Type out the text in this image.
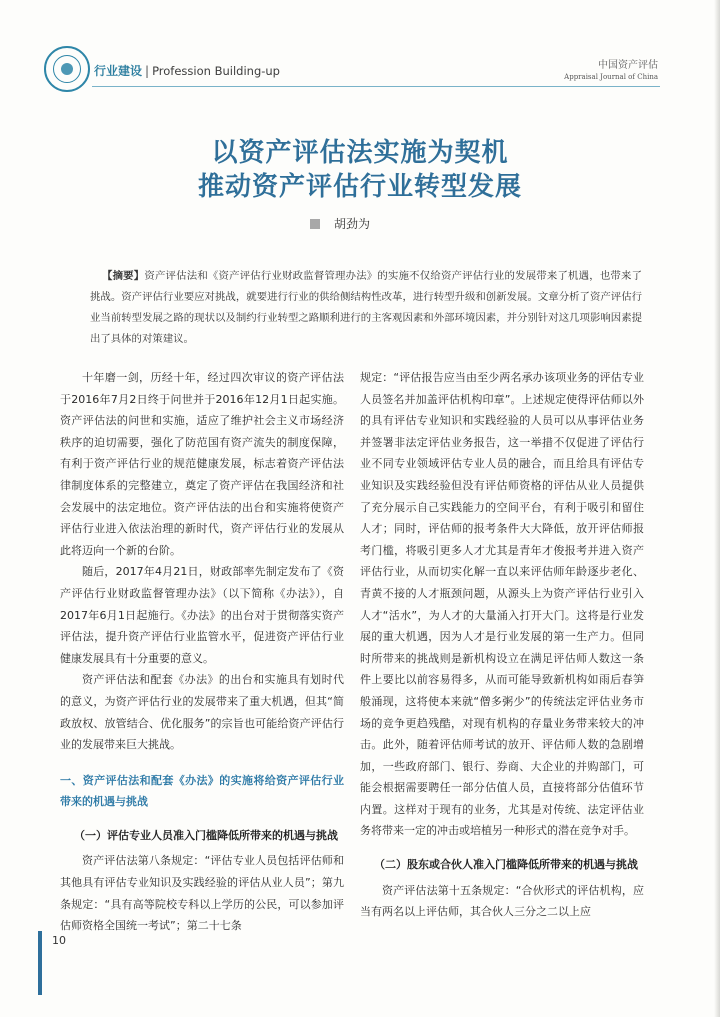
行业建设 | Profession Building-up	中国资产评估
Appraisal Journal of China
以资产评估法实施为契机
推动资产评估行业转型发展
胡劲为
【摘要】资产评估法和《资产评估行业财政监督管理办法》的实施不仅给资产评估行业的发展带来了机遇，也带来了挑战。资产评估行业要应对挑战，就要进行行业的供给侧结构性改革，进行转型升级和创新发展。文章分析了资产评估行业当前转型发展之路的现状以及制约行业转型之路顺利进行的主客观因素和外部环境因素，并分别针对这几项影响因素提出了具体的对策建议。

十年磨一剑，历经十年，经过四次审议的资产评估法于2016年7月2日终于问世并于2016年12月1日起实施。资产评估法的问世和实施，适应了维护社会主义市场经济秩序的迫切需要，强化了防范国有资产流失的制度保障，有利于资产评估行业的规范健康发展，标志着资产评估法律制度体系的完整建立，奠定了资产评估在我国经济和社会发展中的法定地位。资产评估法的出台和实施将使资产评估行业进入依法治理的新时代，资产评估行业的发展从此将迈向一个新的台阶。

随后，2017年4月21日，财政部率先制定发布了《资产评估行业财政监督管理办法》（以下简称《办法》），自2017年6月1日起施行。《办法》的出台对于贯彻落实资产评估法，提升资产评估行业监管水平，促进资产评估行业健康发展具有十分重要的意义。

资产评估法和配套《办法》的出台和实施具有划时代的意义，为资产评估行业的发展带来了重大机遇，但其“简政放权、放管结合、优化服务”的宗旨也可能给资产评估行业的发展带来巨大挑战。

一、资产评估法和配套《办法》的实施将给资产评估行业带来的机遇与挑战

（一）评估专业人员准入门槛降低所带来的机遇与挑战

资产评估法第八条规定：“评估专业人员包括评估师和其他具有评估专业知识及实践经验的评估从业人员”；第九条规定：“具有高等院校专科以上学历的公民，可以参加评估师资格全国统一考试”；第二十七条

规定：“评估报告应当由至少两名承办该项业务的评估专业人员签名并加盖评估机构印章”。上述规定使得评估师以外的具有评估专业知识和实践经验的人员可以从事评估业务并签署非法定评估业务报告，这一举措不仅促进了评估行业不同专业领域评估专业人员的融合，而且给具有评估专业知识及实践经验但没有评估师资格的评估从业人员提供了充分展示自己实践能力的空间平台，有利于吸引和留住人才；同时，评估师的报考条件大大降低，放开评估师报考门槛，将吸引更多人才尤其是青年才俊报考并进入资产评估行业，从而切实化解一直以来评估师年龄逐步老化、青黄不接的人才瓶颈问题，从源头上为资产评估行业引入人才“活水”，为人才的大量涌入打开大门。这将是行业发展的重大机遇，因为人才是行业发展的第一生产力。但同时所带来的挑战则是新机构设立在满足评估师人数这一条件上要比以前容易得多，从而可能导致新机构如雨后春笋般涌现，这将使本来就“僧多粥少”的传统法定评估业务市场的竞争更趋残酷，对现有机构的存量业务带来较大的冲击。此外，随着评估师考试的放开、评估师人数的急剧增加，一些政府部门、银行、券商、大企业的并购部门，可能会根据需要聘任一部分估值人员，直接将部分估值环节内置。这样对于现有的业务，尤其是对传统、法定评估业务将带来一定的冲击或培植另一种形式的潜在竞争对手。

（二）股东或合伙人准入门槛降低所带来的机遇与挑战

资产评估法第十五条规定：“合伙形式的评估机构，应当有两名以上评估师，其合伙人三分之二以上应

10
